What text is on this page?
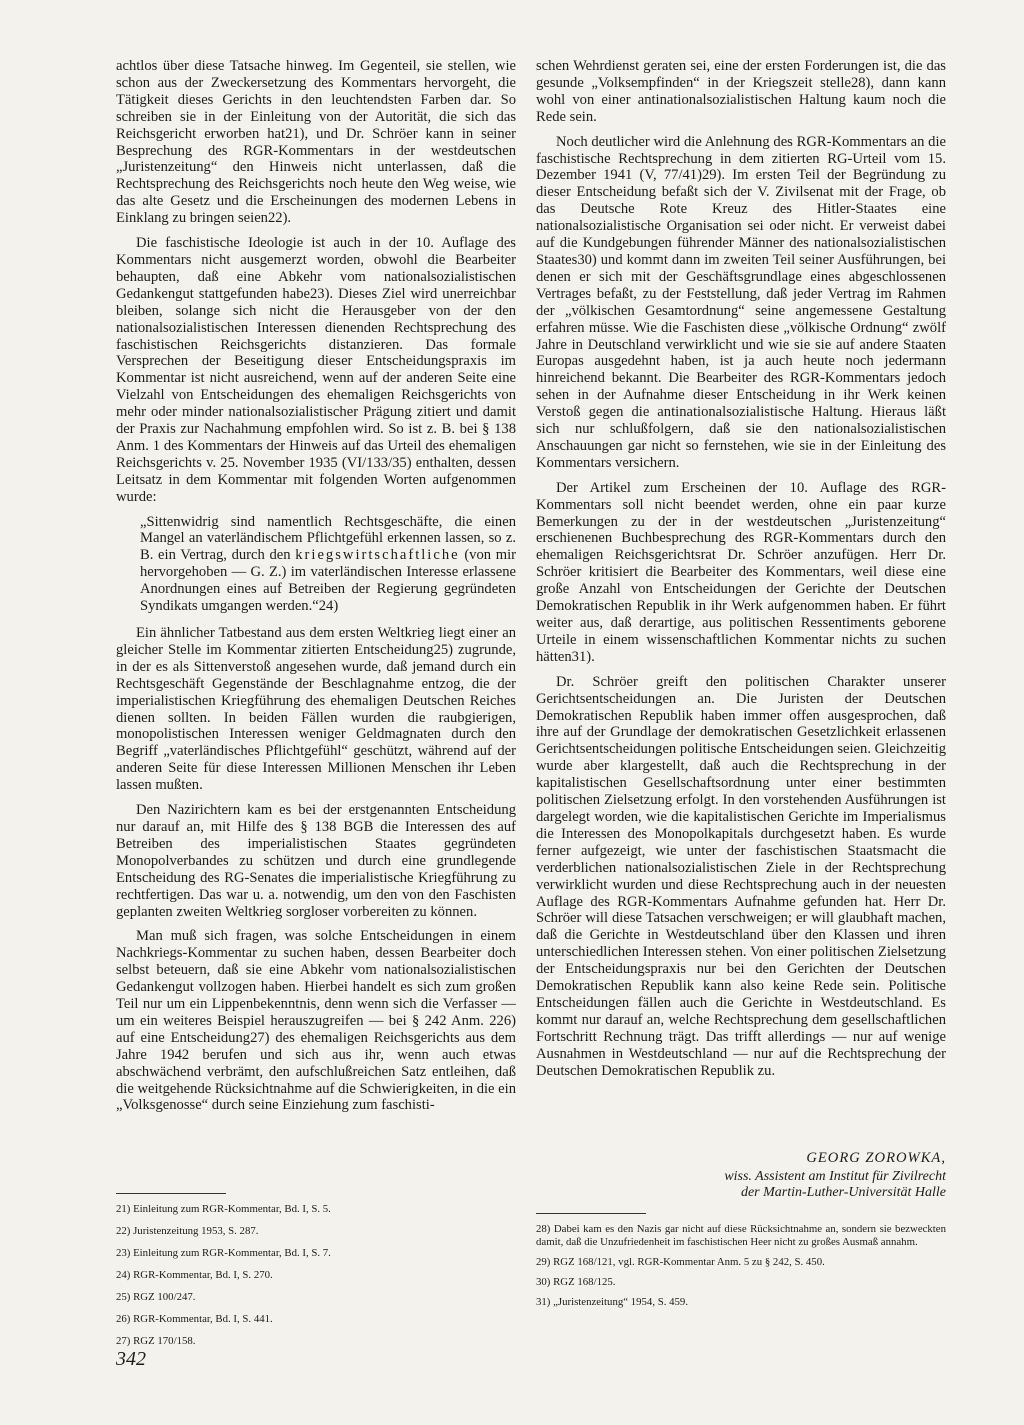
achtlos über diese Tatsache hinweg. Im Gegenteil, sie stellen, wie schon aus der Zweckersetzung des Kommentars hervorgeht, die Tätigkeit dieses Gerichts in den leuchtendsten Farben dar. So schreiben sie in der Einleitung von der Autorität, die sich das Reichsgericht erworben hat21), und Dr. Schröer kann in seiner Besprechung des RGR-Kommentars in der westdeutschen „Juristenzeitung“ den Hinweis nicht unterlassen, daß die Rechtsprechung des Reichsgerichts noch heute den Weg weise, wie das alte Gesetz und die Erscheinungen des modernen Lebens in Einklang zu bringen seien22).

Die faschistische Ideologie ist auch in der 10. Auflage des Kommentars nicht ausgemerzt worden, obwohl die Bearbeiter behaupten, daß eine Abkehr vom nationalsozialistischen Gedankengut stattgefunden habe23). Dieses Ziel wird unerreichbar bleiben, solange sich nicht die Herausgeber von der den nationalsozialistischen Interessen dienenden Rechtsprechung des faschistischen Reichsgerichts distanzieren. Das formale Versprechen der Beseitigung dieser Entscheidungspraxis im Kommentar ist nicht ausreichend, wenn auf der anderen Seite eine Vielzahl von Entscheidungen des ehemaligen Reichsgerichts von mehr oder minder nationalsozialistischer Prägung zitiert und damit der Praxis zur Nachahmung empfohlen wird. So ist z. B. bei § 138 Anm. 1 des Kommentars der Hinweis auf das Urteil des ehemaligen Reichsgerichts v. 25. November 1935 (VI/133/35) enthalten, dessen Leitsatz in dem Kommentar mit folgenden Worten aufgenommen wurde:

„Sittenwidrig sind namentlich Rechtsgeschäfte, die einen Mangel an vaterländischem Pflichtgefühl erkennen lassen, so z. B. ein Vertrag, durch den kriegswirtschaftliche (von mir hervorgehoben — G. Z.) im vaterländischen Interesse erlassene Anordnungen eines auf Betreiben der Regierung gegründeten Syndikats umgangen werden.“24)

Ein ähnlicher Tatbestand aus dem ersten Weltkrieg liegt einer an gleicher Stelle im Kommentar zitierten Entscheidung25) zugrunde, in der es als Sittenverstoß angesehen wurde, daß jemand durch ein Rechtsgeschäft Gegenstände der Beschlagnahme entzog, die der imperialistischen Kriegführung des ehemaligen Deutschen Reiches dienen sollten. In beiden Fällen wurden die raubgierigen, monopolistischen Interessen weniger Geldmagnaten durch den Begriff „vaterländisches Pflichtgefühl“ geschützt, während auf der anderen Seite für diese Interessen Millionen Menschen ihr Leben lassen mußten.

Den Nazirichtern kam es bei der erstgenannten Entscheidung nur darauf an, mit Hilfe des § 138 BGB die Interessen des auf Betreiben des imperialistischen Staates gegründeten Monopolverbandes zu schützen und durch eine grundlegende Entscheidung des RG-Senates die imperialistische Kriegführung zu rechtfertigen. Das war u. a. notwendig, um den von den Faschisten geplanten zweiten Weltkrieg sorgloser vorbereiten zu können.

Man muß sich fragen, was solche Entscheidungen in einem Nachkriegs-Kommentar zu suchen haben, dessen Bearbeiter doch selbst beteuern, daß sie eine Abkehr vom nationalsozialistischen Gedankengut vollzogen haben. Hierbei handelt es sich zum großen Teil nur um ein Lippenbekenntnis, denn wenn sich die Verfasser — um ein weiteres Beispiel herauszugreifen — bei § 242 Anm. 226) auf eine Entscheidung27) des ehemaligen Reichsgerichts aus dem Jahre 1942 berufen und sich aus ihr, wenn auch etwas abschwächend verbrämt, den aufschlußreichen Satz entleihen, daß die weitgehende Rücksichtnahme auf die Schwierigkeiten, in die ein „Volksgenosse“ durch seine Einziehung zum faschisti-

schen Wehrdienst geraten sei, eine der ersten Forderungen ist, die das gesunde „Volksempfinden“ in der Kriegszeit stelle28), dann kann wohl von einer antinationalsozialistischen Haltung kaum noch die Rede sein.

Noch deutlicher wird die Anlehnung des RGR-Kommentars an die faschistische Rechtsprechung in dem zitierten RG-Urteil vom 15. Dezember 1941 (V, 77/41)29). Im ersten Teil der Begründung zu dieser Entscheidung befaßt sich der V. Zivilsenat mit der Frage, ob das Deutsche Rote Kreuz des Hitler-Staates eine nationalsozialistische Organisation sei oder nicht. Er verweist dabei auf die Kundgebungen führender Männer des nationalsozialistischen Staates30) und kommt dann im zweiten Teil seiner Ausführungen, bei denen er sich mit der Geschäftsgrundlage eines abgeschlossenen Vertrages befaßt, zu der Feststellung, daß jeder Vertrag im Rahmen der „völkischen Gesamtordnung“ seine angemessene Gestaltung erfahren müsse. Wie die Faschisten diese „völkische Ordnung“ zwölf Jahre in Deutschland verwirklicht und wie sie sie auf andere Staaten Europas ausgedehnt haben, ist ja auch heute noch jedermann hinreichend bekannt. Die Bearbeiter des RGR-Kommentars jedoch sehen in der Aufnahme dieser Entscheidung in ihr Werk keinen Verstoß gegen die antinationalsozialistische Haltung. Hieraus läßt sich nur schlußfolgern, daß sie den nationalsozialistischen Anschauungen gar nicht so fernstehen, wie sie in der Einleitung des Kommentars versichern.

Der Artikel zum Erscheinen der 10. Auflage des RGR-Kommentars soll nicht beendet werden, ohne ein paar kurze Bemerkungen zu der in der westdeutschen „Juristenzeitung“ erschienenen Buchbesprechung des RGR-Kommentars durch den ehemaligen Reichsgerichtsrat Dr. Schröer anzufügen. Herr Dr. Schröer kritisiert die Bearbeiter des Kommentars, weil diese eine große Anzahl von Entscheidungen der Gerichte der Deutschen Demokratischen Republik in ihr Werk aufgenommen haben. Er führt weiter aus, daß derartige, aus politischen Ressentiments geborene Urteile in einem wissenschaftlichen Kommentar nichts zu suchen hätten31).

Dr. Schröer greift den politischen Charakter unserer Gerichtsentscheidungen an. Die Juristen der Deutschen Demokratischen Republik haben immer offen ausgesprochen, daß ihre auf der Grundlage der demokratischen Gesetzlichkeit erlassenen Gerichtsentscheidungen politische Entscheidungen seien. Gleichzeitig wurde aber klargestellt, daß auch die Rechtsprechung in der kapitalistischen Gesellschaftsordnung unter einer bestimmten politischen Zielsetzung erfolgt. In den vorstehenden Ausführungen ist dargelegt worden, wie die kapitalistischen Gerichte im Imperialismus die Interessen des Monopolkapitals durchgesetzt haben. Es wurde ferner aufgezeigt, wie unter der faschistischen Staatsmacht die verderblichen nationalsozialistischen Ziele in der Rechtsprechung verwirklicht wurden und diese Rechtsprechung auch in der neuesten Auflage des RGR-Kommentars Aufnahme gefunden hat. Herr Dr. Schröer will diese Tatsachen verschweigen; er will glaubhaft machen, daß die Gerichte in Westdeutschland über den Klassen und ihren unterschiedlichen Interessen stehen. Von einer politischen Zielsetzung der Entscheidungspraxis nur bei den Gerichten der Deutschen Demokratischen Republik kann also keine Rede sein. Politische Entscheidungen fällen auch die Gerichte in Westdeutschland. Es kommt nur darauf an, welche Rechtsprechung dem gesellschaftlichen Fortschritt Rechnung trägt. Das trifft allerdings — nur auf wenige Ausnahmen in Westdeutschland — nur auf die Rechtsprechung der Deutschen Demokratischen Republik zu.

GEORG ZOROWKA,
wiss. Assistent am Institut für Zivilrecht
der Martin-Luther-Universität Halle
21) Einleitung zum RGR-Kommentar, Bd. I, S. 5.
22) Juristenzeitung 1953, S. 287.
23) Einleitung zum RGR-Kommentar, Bd. I, S. 7.
24) RGR-Kommentar, Bd. I, S. 270.
25) RGZ 100/247.
26) RGR-Kommentar, Bd. I, S. 441.
27) RGZ 170/158.
28) Dabei kam es den Nazis gar nicht auf diese Rücksichtnahme an, sondern sie bezweckten damit, daß die Unzufriedenheit im faschistischen Heer nicht zu großes Ausmaß annahm.
29) RGZ 168/121, vgl. RGR-Kommentar Anm. 5 zu § 242, S. 450.
30) RGZ 168/125.
31) „Juristenzeitung“ 1954, S. 459.
342
